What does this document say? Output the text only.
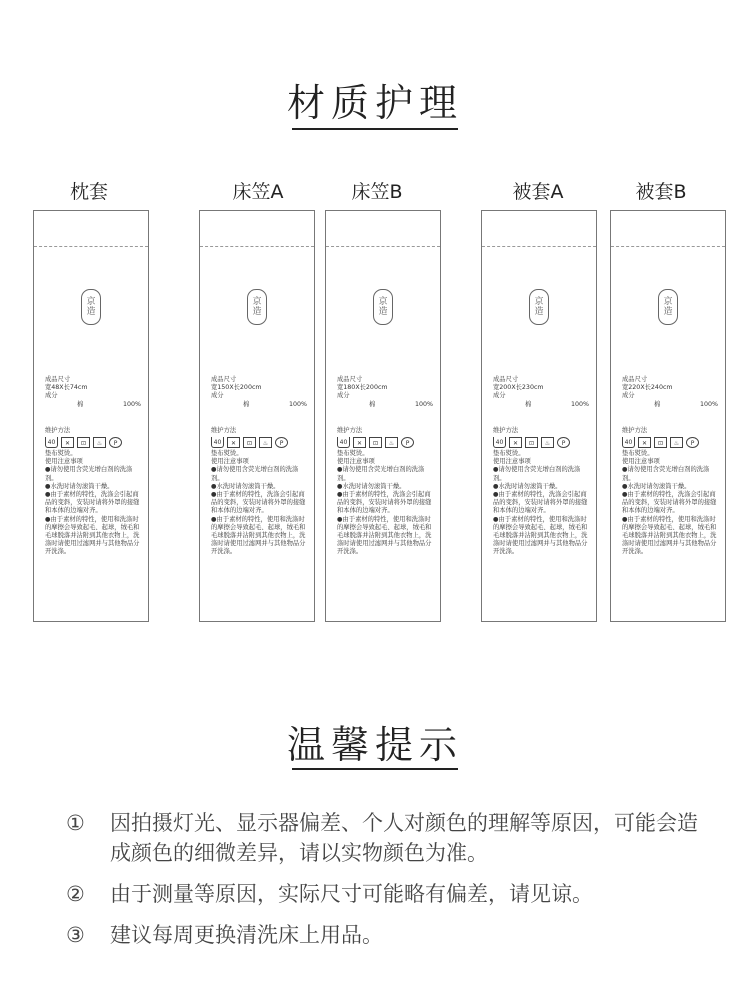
材质护理
枕套	床笠A	床笠B	被套A	被套B
京
造
成品尺寸
宽48X长74cm
成分
棉	100%
维护方法
40	✕	⊡	♨	P
垫布熨烫。
使用注意事项
●请勿使用含荧光增白剂的洗涤剂。
●水洗时请勿滚筒干燥。
●由于素材的特性，洗涤会引起商品的变斜，安装时请将外罩的接缝和本体的边端对齐。
●由于素材的特性，使用和洗涤时的摩擦会导致起毛、起球，绒毛和毛球脱落并沾附到其他衣物上，洗涤时请使用过滤网并与其他物品分开洗涤。
京
造
成品尺寸
宽150X长200cm
成分
棉	100%
维护方法
40	✕	⊡	♨	P
垫布熨烫。
使用注意事项
●请勿使用含荧光增白剂的洗涤剂。
●水洗时请勿滚筒干燥。
●由于素材的特性，洗涤会引起商品的变斜，安装时请将外罩的接缝和本体的边端对齐。
●由于素材的特性，使用和洗涤时的摩擦会导致起毛、起球，绒毛和毛球脱落并沾附到其他衣物上，洗涤时请使用过滤网并与其他物品分开洗涤。
京
造
成品尺寸
宽180X长200cm
成分
棉	100%
维护方法
40	✕	⊡	♨	P
垫布熨烫。
使用注意事项
●请勿使用含荧光增白剂的洗涤剂。
●水洗时请勿滚筒干燥。
●由于素材的特性，洗涤会引起商品的变斜，安装时请将外罩的接缝和本体的边端对齐。
●由于素材的特性，使用和洗涤时的摩擦会导致起毛、起球，绒毛和毛球脱落并沾附到其他衣物上，洗涤时请使用过滤网并与其他物品分开洗涤。
京
造
成品尺寸
宽200X长230cm
成分
棉	100%
维护方法
40	✕	⊡	♨	P
垫布熨烫。
使用注意事项
●请勿使用含荧光增白剂的洗涤剂。
●水洗时请勿滚筒干燥。
●由于素材的特性，洗涤会引起商品的变斜，安装时请将外罩的接缝和本体的边端对齐。
●由于素材的特性，使用和洗涤时的摩擦会导致起毛、起球，绒毛和毛球脱落并沾附到其他衣物上，洗涤时请使用过滤网并与其他物品分开洗涤。
京
造
成品尺寸
宽220X长240cm
成分
棉	100%
维护方法
40	✕	⊡	♨	P
垫布熨烫。
使用注意事项
●请勿使用含荧光增白剂的洗涤剂。
●水洗时请勿滚筒干燥。
●由于素材的特性，洗涤会引起商品的变斜，安装时请将外罩的接缝和本体的边端对齐。
●由于素材的特性，使用和洗涤时的摩擦会导致起毛、起球，绒毛和毛球脱落并沾附到其他衣物上，洗涤时请使用过滤网并与其他物品分开洗涤。
温馨提示
①	因拍摄灯光、显示器偏差、个人对颜色的理解等原因，可能会造成颜色的细微差异，请以实物颜色为准。
②	由于测量等原因，实际尺寸可能略有偏差，请见谅。
③	建议每周更换清洗床上用品。
